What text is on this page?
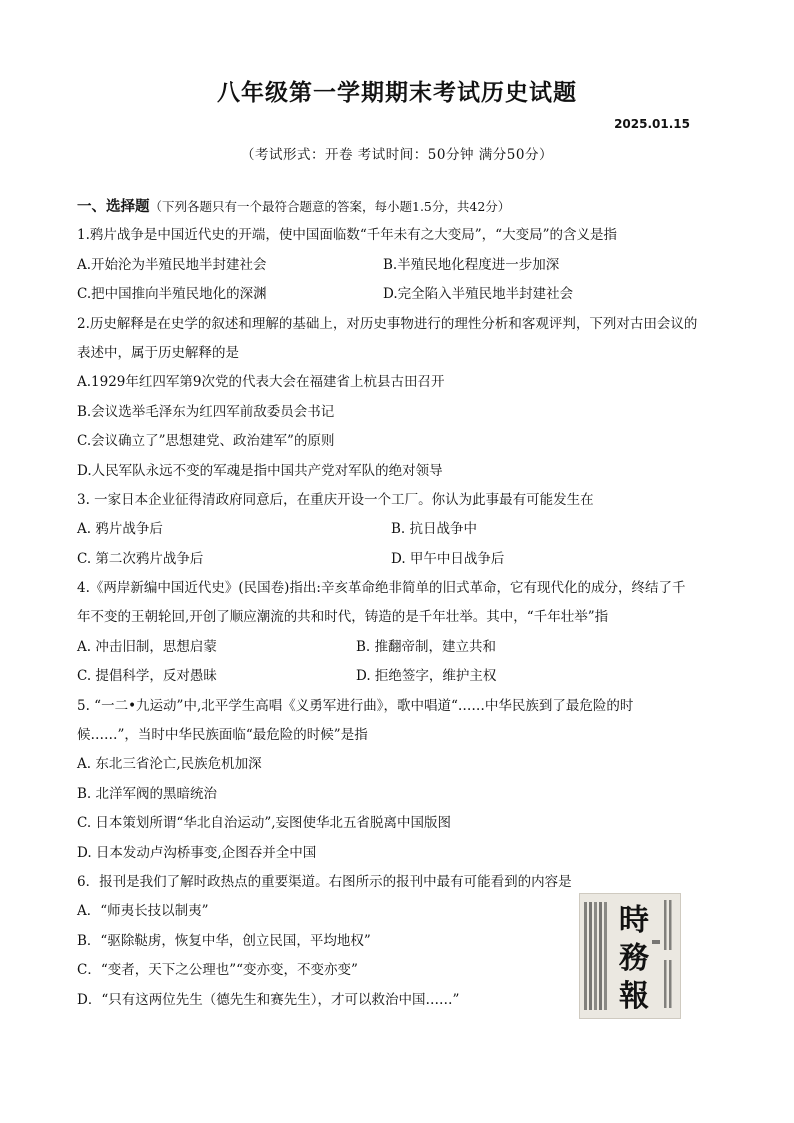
八年级第一学期期末考试历史试题
2025.01.15
（考试形式：开卷 考试时间：50分钟 满分50分）
一、选择题（下列各题只有一个最符合题意的答案，每小题1.5分，共42分）
1.鸦片战争是中国近代史的开端，使中国面临数“千年未有之大变局”，“大变局”的含义是指
A.开始沦为半殖民地半封建社会	B.半殖民地化程度进一步加深
C.把中国推向半殖民地化的深渊	D.完全陷入半殖民地半封建社会
2.历史解释是在史学的叙述和理解的基础上，对历史事物进行的理性分析和客观评判，下列对古田会议的
表述中，属于历史解释的是
A.1929年红四军第9次党的代表大会在福建省上杭县古田召开
B.会议选举毛泽东为红四军前敌委员会书记
C.会议确立了”思想建党、政治建军”的原则
D.人民军队永远不变的军魂是指中国共产党对军队的绝对领导
3. 一家日本企业征得清政府同意后，在重庆开设一个工厂。你认为此事最有可能发生在
A. 鸦片战争后	B. 抗日战争中
C. 第二次鸦片战争后	D. 甲午中日战争后
4.《两岸新编中国近代史》(民国卷)指出:辛亥革命绝非简单的旧式革命，它有现代化的成分，终结了千
年不变的王朝轮回,开创了顺应潮流的共和时代，铸造的是千年壮举。其中，“千年壮举”指
A. 冲击旧制，思想启蒙	B. 推翻帝制，建立共和
C. 提倡科学，反对愚昧	D. 拒绝签字，维护主权
5. “一二•九运动”中,北平学生高唱《义勇军进行曲》，歌中唱道“……中华民族到了最危险的时
候……”，当时中华民族面临“最危险的时候”是指
A. 东北三省沦亡,民族危机加深
B. 北洋军阀的黑暗统治
C. 日本策划所谓“华北自治运动”,妄图使华北五省脱离中国版图
D. 日本发动卢沟桥事变,企图吞并全中国
6．报刊是我们了解时政热点的重要渠道。右图所示的报刊中最有可能看到的内容是
A．“师夷长技以制夷”
B．“驱除鞑虏，恢复中华，创立民国，平均地权”
C．“变者，天下之公理也”“变亦变，不变亦变”
D．“只有这两位先生（德先生和赛先生），才可以救治中国……”
時
務
報
